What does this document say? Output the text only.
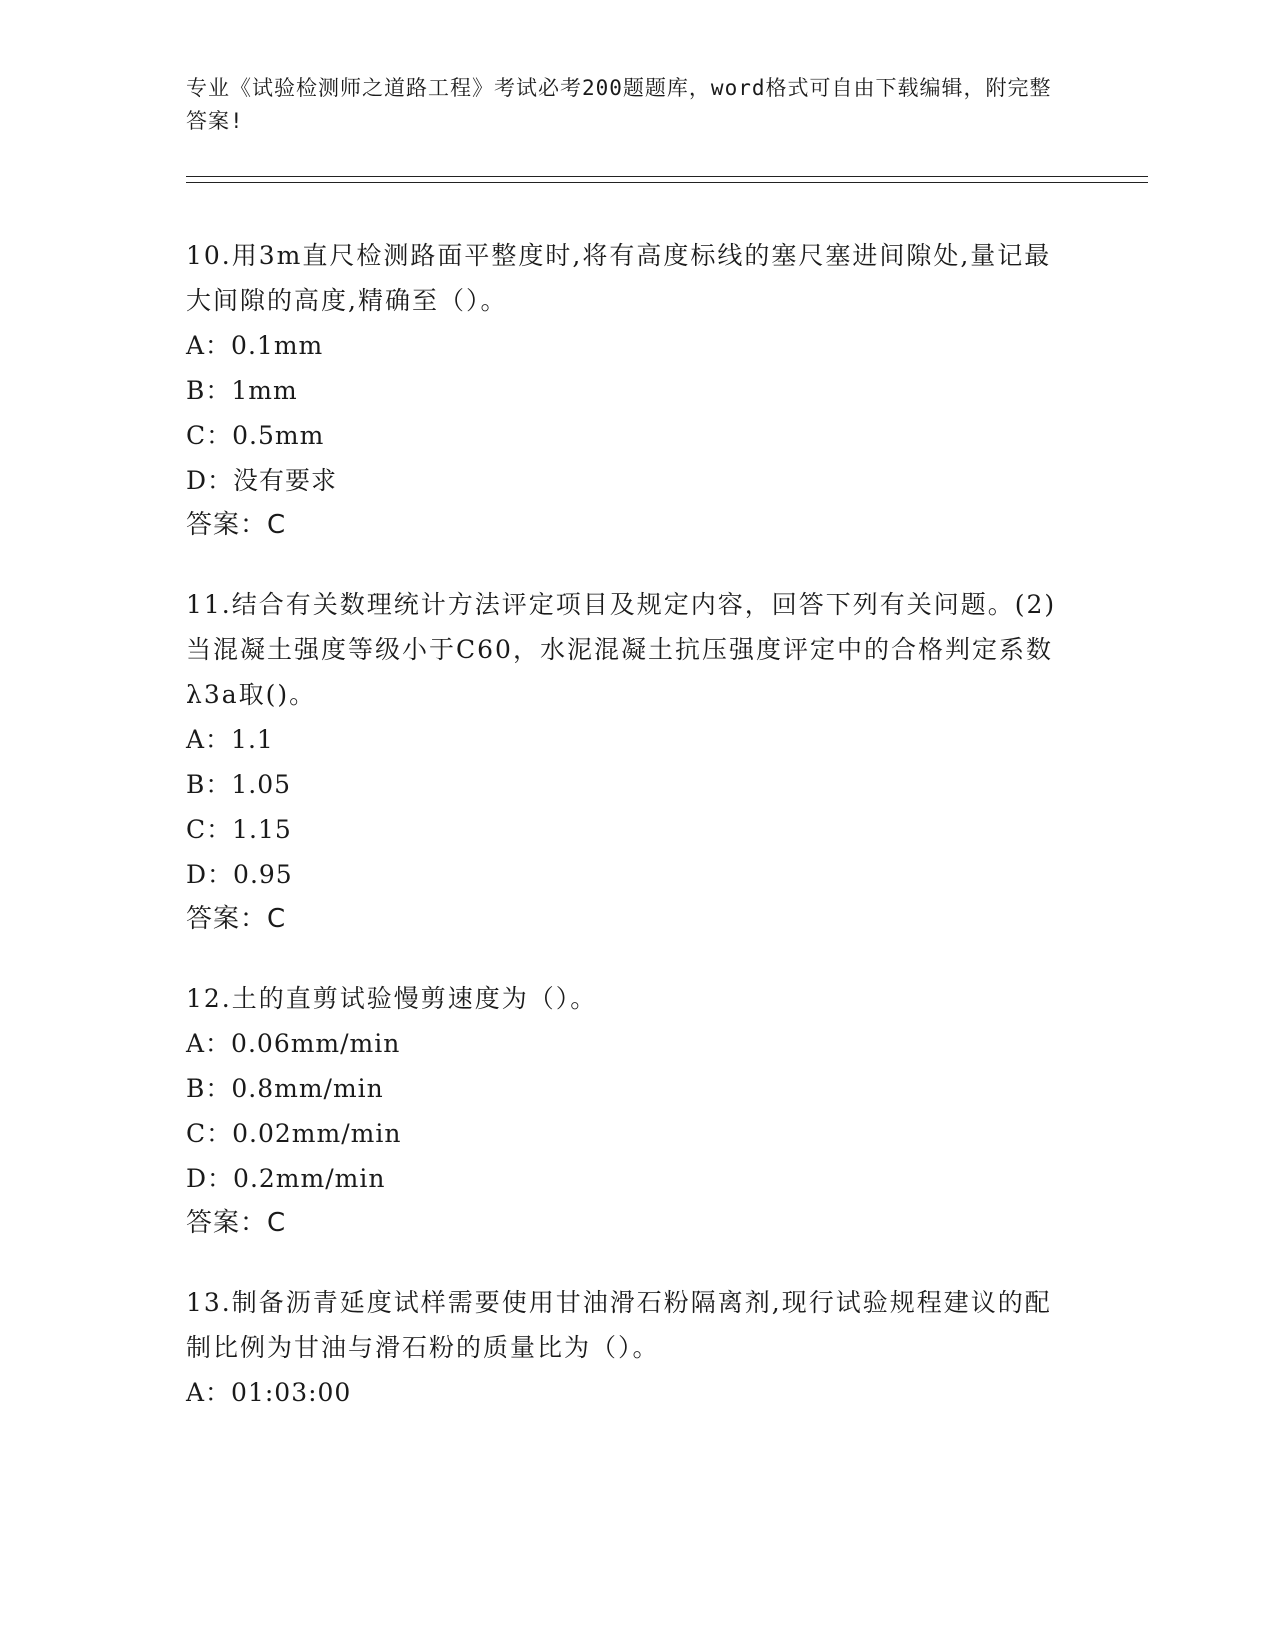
专业《试验检测师之道路工程》考试必考200题题库，word格式可自由下载编辑，附完整答案!

10.用3m直尺检测路面平整度时,将有高度标线的塞尺塞进间隙处,量记最大间隙的高度,精确至（）。

A：0.1mm

B：1mm

C：0.5mm

D：没有要求

答案：C

11.结合有关数理统计方法评定项目及规定内容，回答下列有关问题。(2)当混凝土强度等级小于C60，水泥混凝土抗压强度评定中的合格判定系数λ3a取()。

A：1.1

B：1.05

C：1.15

D：0.95

答案：C

12.土的直剪试验慢剪速度为（）。

A：0.06mm/min

B：0.8mm/min

C：0.02mm/min

D：0.2mm/min

答案：C

13.制备沥青延度试样需要使用甘油滑石粉隔离剂,现行试验规程建议的配制比例为甘油与滑石粉的质量比为（）。

A：01:03:00
